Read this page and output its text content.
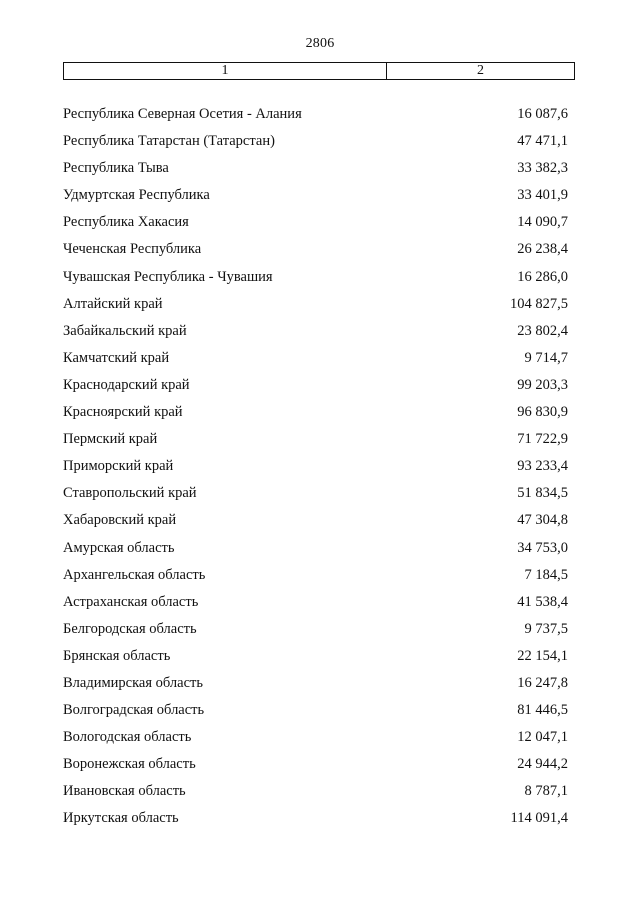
2806
1	2
Республика Северная Осетия - Алания	16 087,6
Республика Татарстан (Татарстан)	47 471,1
Республика Тыва	33 382,3
Удмуртская Республика	33 401,9
Республика Хакасия	14 090,7
Чеченская Республика	26 238,4
Чувашская Республика - Чувашия	16 286,0
Алтайский край	104 827,5
Забайкальский край	23 802,4
Камчатский край	9 714,7
Краснодарский край	99 203,3
Красноярский край	96 830,9
Пермский край	71 722,9
Приморский край	93 233,4
Ставропольский край	51 834,5
Хабаровский край	47 304,8
Амурская область	34 753,0
Архангельская область	7 184,5
Астраханская область	41 538,4
Белгородская область	9 737,5
Брянская область	22 154,1
Владимирская область	16 247,8
Волгоградская область	81 446,5
Вологодская область	12 047,1
Воронежская область	24 944,2
Ивановская область	8 787,1
Иркутская область	114 091,4
